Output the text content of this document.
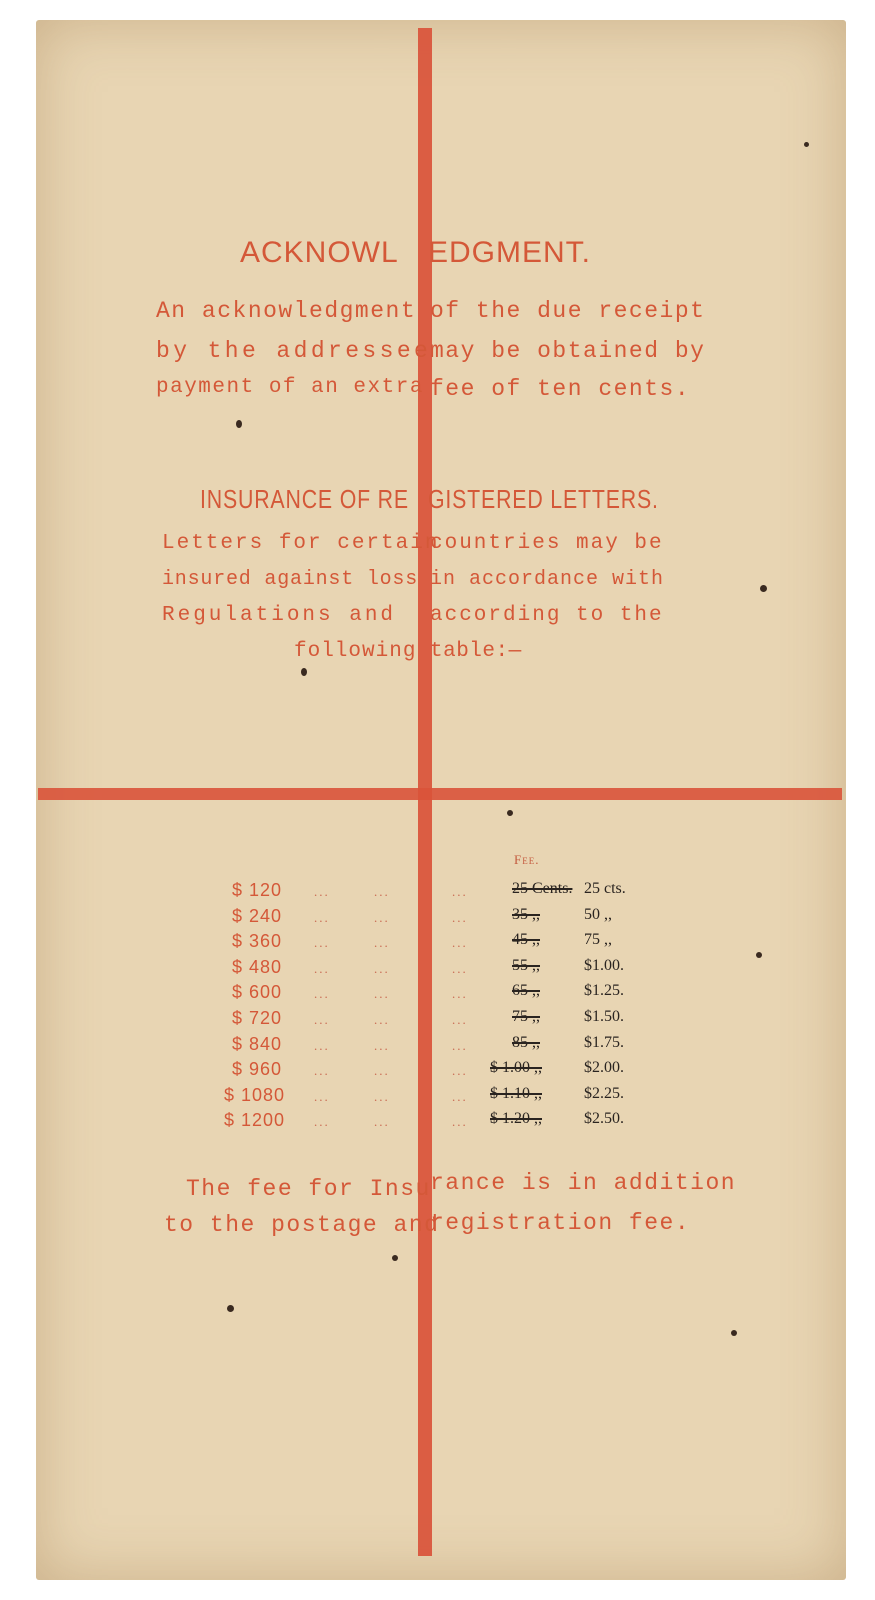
ACKNOWL EDGMENT.
An acknowledgment of the due receipt
by the addressee
may be obtained by
payment of an extra fee of ten cents.
INSURANCE OF RE GISTERED LETTERS.
Letters for certain
countries may be
insured against loss in accordance with
Regulations and according to the
following table:—
Fee.
$ 120 ...	...	...	25 Cents. 25 cts.
$ 240 ...	...	...	35 ,,	50 ,,
$ 360 ...	...	...	45 ,,	75 ,,
$ 480 ...	...	...	55 ,,	$1.00.
$ 600 ...	...	...	65 ,,	$1.25.
$ 720 ...	...	...	75 ,,	$1.50.
$ 840 ...	...	...	85 ,,	$1.75.
$ 960 ...	...	... $ 1.00 ,,	$2.00.
$ 1080 ...	...	... $ 1.10 ,,	$2.25.
$ 1200 ...	...	... $ 1.20 ,,	$2.50.
The fee for Insu rance is in addition
to the postage and
registration fee.
